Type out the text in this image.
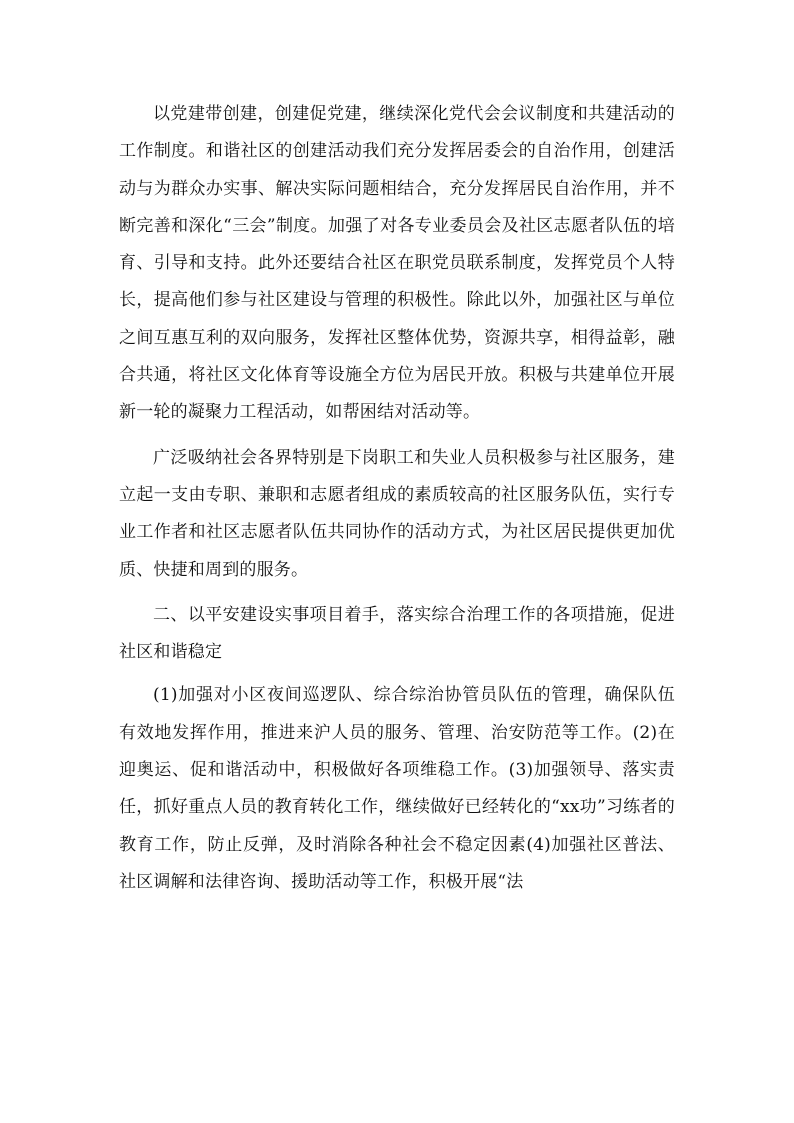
以党建带创建，创建促党建，继续深化党代会会议制度和共建活动的工作制度。和谐社区的创建活动我们充分发挥居委会的自治作用，创建活动与为群众办实事、解决实际问题相结合，充分发挥居民自治作用，并不断完善和深化“三会”制度。加强了对各专业委员会及社区志愿者队伍的培育、引导和支持。此外还要结合社区在职党员联系制度，发挥党员个人特长，提高他们参与社区建设与管理的积极性。除此以外，加强社区与单位之间互惠互利的双向服务，发挥社区整体优势，资源共享，相得益彰，融合共通，将社区文化体育等设施全方位为居民开放。积极与共建单位开展新一轮的凝聚力工程活动，如帮困结对活动等。

广泛吸纳社会各界特别是下岗职工和失业人员积极参与社区服务，建立起一支由专职、兼职和志愿者组成的素质较高的社区服务队伍，实行专业工作者和社区志愿者队伍共同协作的活动方式，为社区居民提供更加优质、快捷和周到的服务。

二、以平安建设实事项目着手，落实综合治理工作的各项措施，促进社区和谐稳定

(1)加强对小区夜间巡逻队、综合综治协管员队伍的管理，确保队伍有效地发挥作用，推进来沪人员的服务、管理、治安防范等工作。(2)在迎奥运、促和谐活动中，积极做好各项维稳工作。(3)加强领导、落实责任，抓好重点人员的教育转化工作，继续做好已经转化的“xx功”习练者的教育工作，防止反弹，及时消除各种社会不稳定因素(4)加强社区普法、社区调解和法律咨询、援助活动等工作，积极开展“法
